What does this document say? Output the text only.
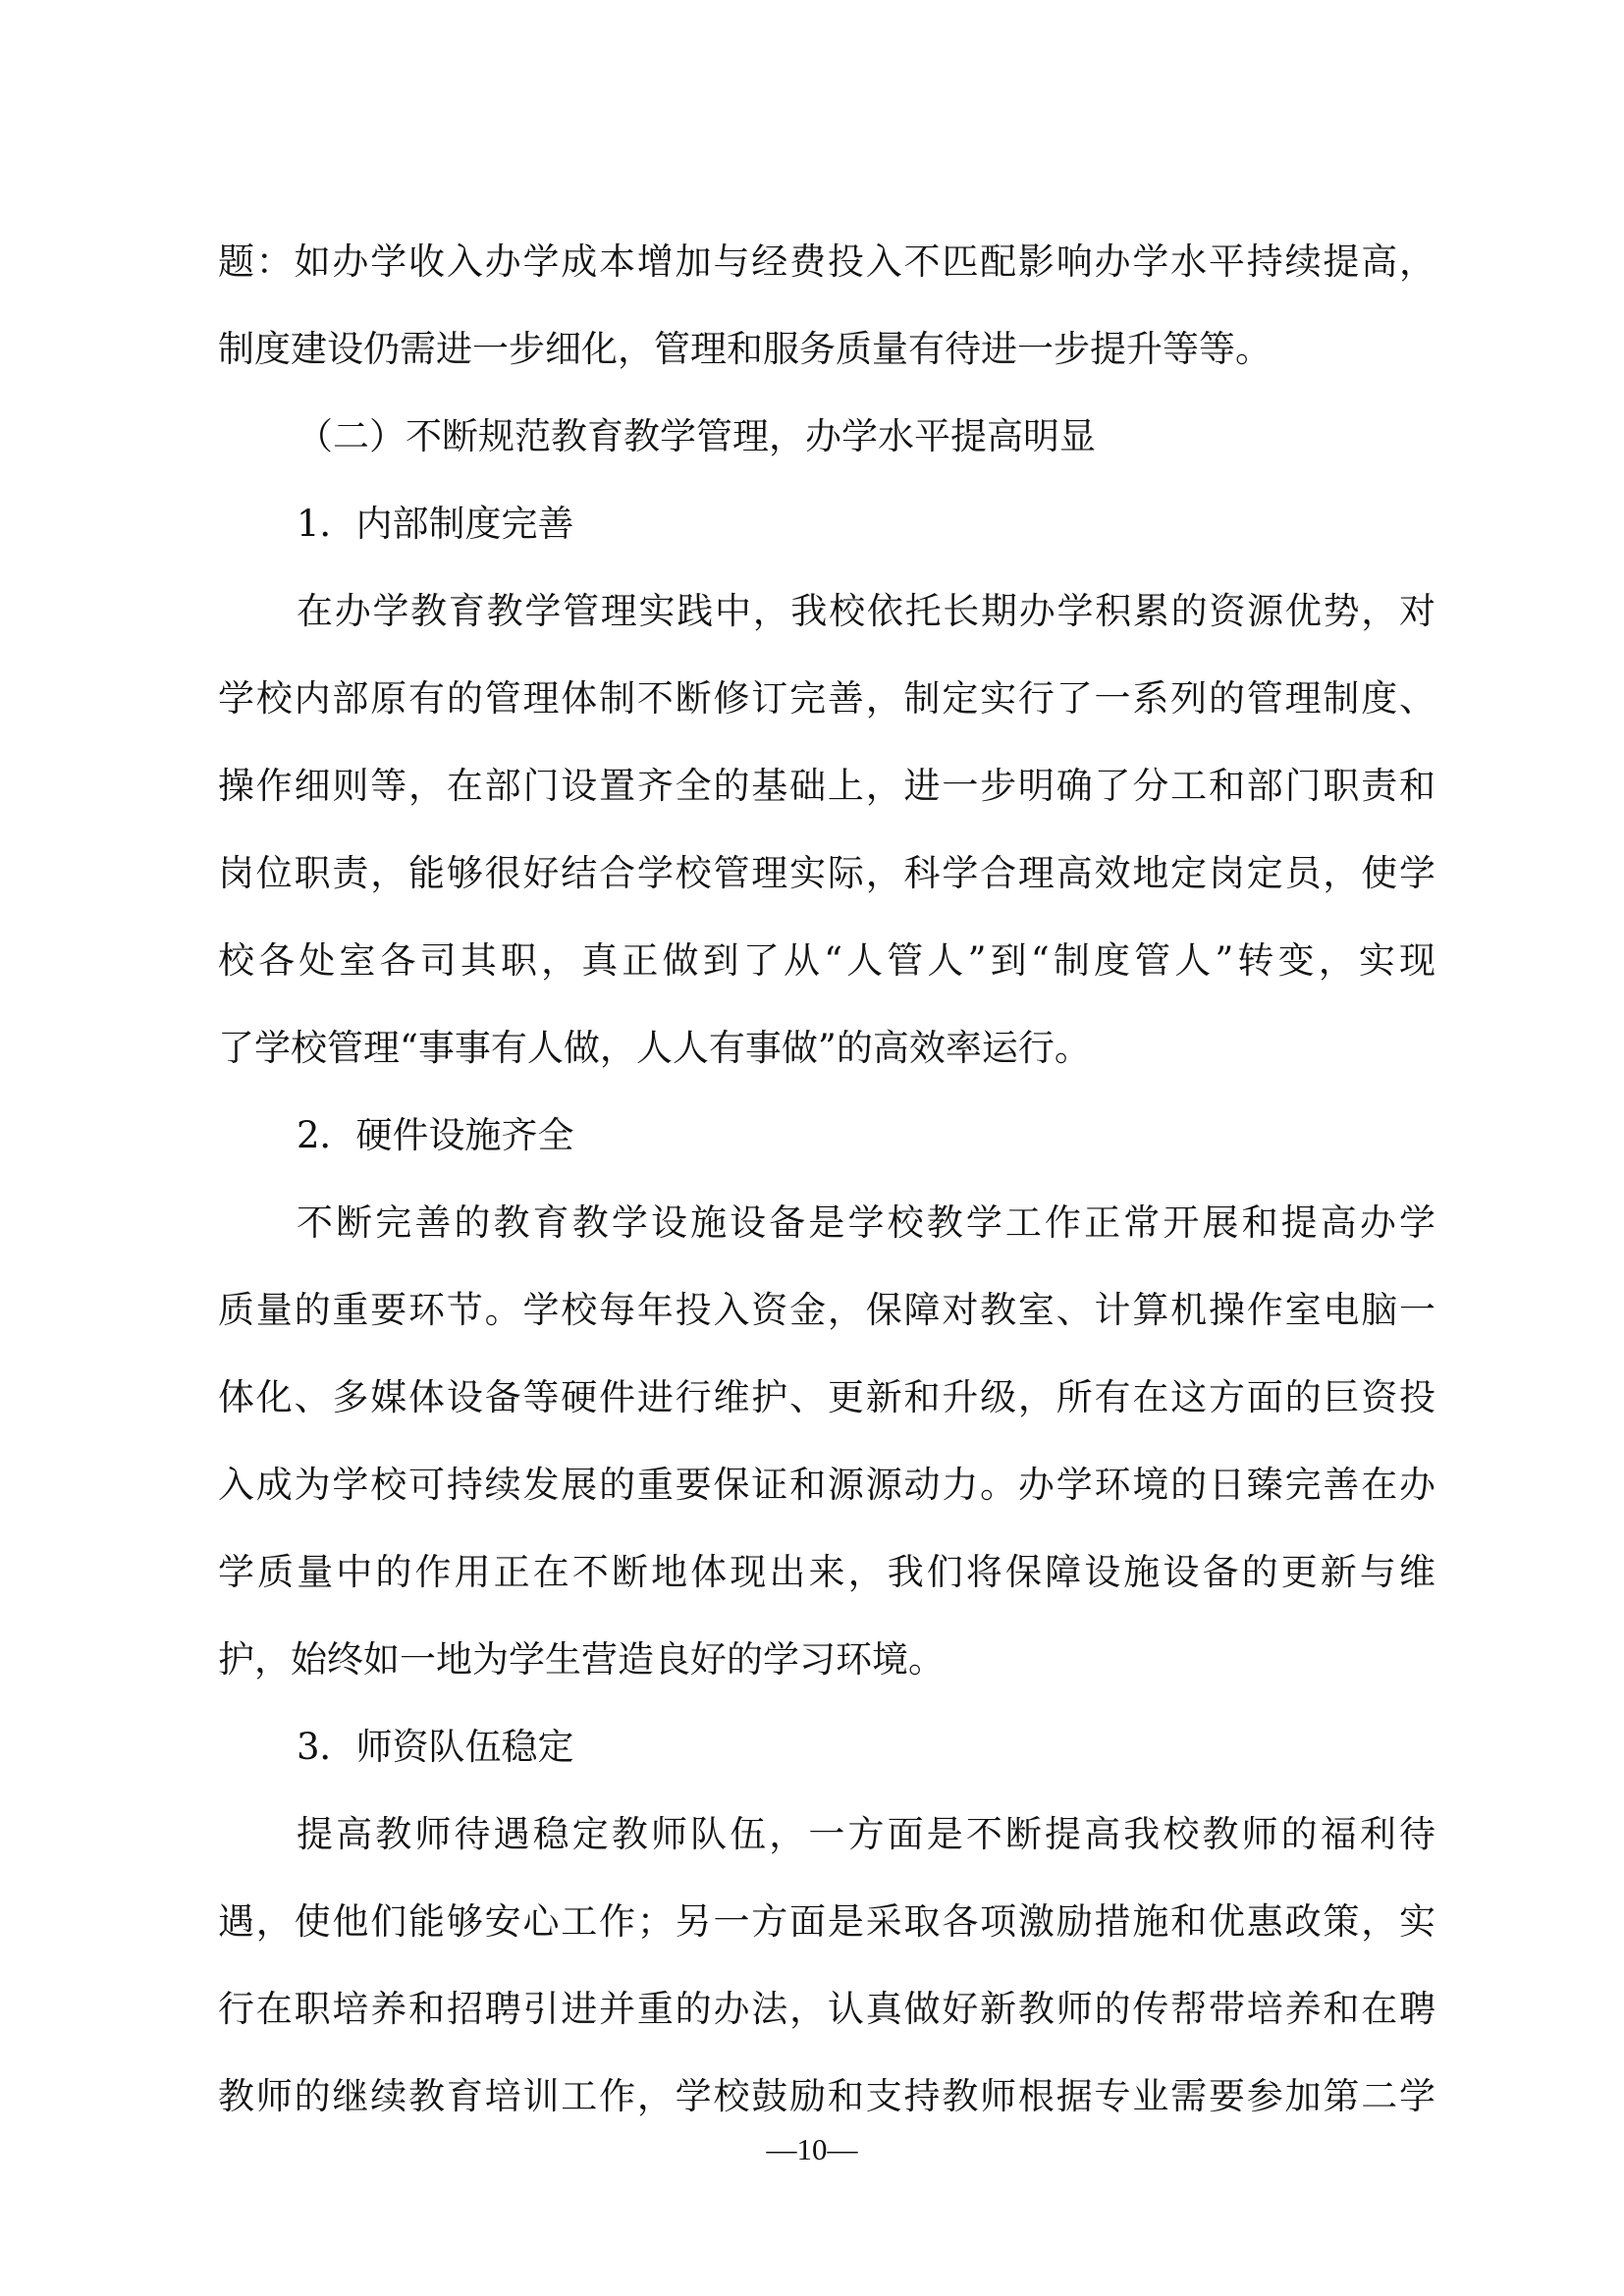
题：如办学收入办学成本增加与经费投入不匹配影响办学水平持续提高，
制度建设仍需进一步细化，管理和服务质量有待进一步提升等等。
（二）不断规范教育教学管理，办学水平提高明显
1．内部制度完善
在办学教育教学管理实践中，我校依托长期办学积累的资源优势，对
学校内部原有的管理体制不断修订完善，制定实行了一系列的管理制度、
操作细则等，在部门设置齐全的基础上，进一步明确了分工和部门职责和
岗位职责，能够很好结合学校管理实际，科学合理高效地定岗定员，使学
校各处室各司其职，真正做到了从“人管人”到“制度管人”转变，实现
了学校管理“事事有人做，人人有事做”的高效率运行。
2．硬件设施齐全
不断完善的教育教学设施设备是学校教学工作正常开展和提高办学
质量的重要环节。学校每年投入资金，保障对教室、计算机操作室电脑一
体化、多媒体设备等硬件进行维护、更新和升级，所有在这方面的巨资投
入成为学校可持续发展的重要保证和源源动力。办学环境的日臻完善在办
学质量中的作用正在不断地体现出来，我们将保障设施设备的更新与维
护，始终如一地为学生营造良好的学习环境。
3．师资队伍稳定
提高教师待遇稳定教师队伍，一方面是不断提高我校教师的福利待
遇，使他们能够安心工作；另一方面是采取各项激励措施和优惠政策，实
行在职培养和招聘引进并重的办法，认真做好新教师的传帮带培养和在聘
教师的继续教育培训工作，学校鼓励和支持教师根据专业需要参加第二学
—10—
